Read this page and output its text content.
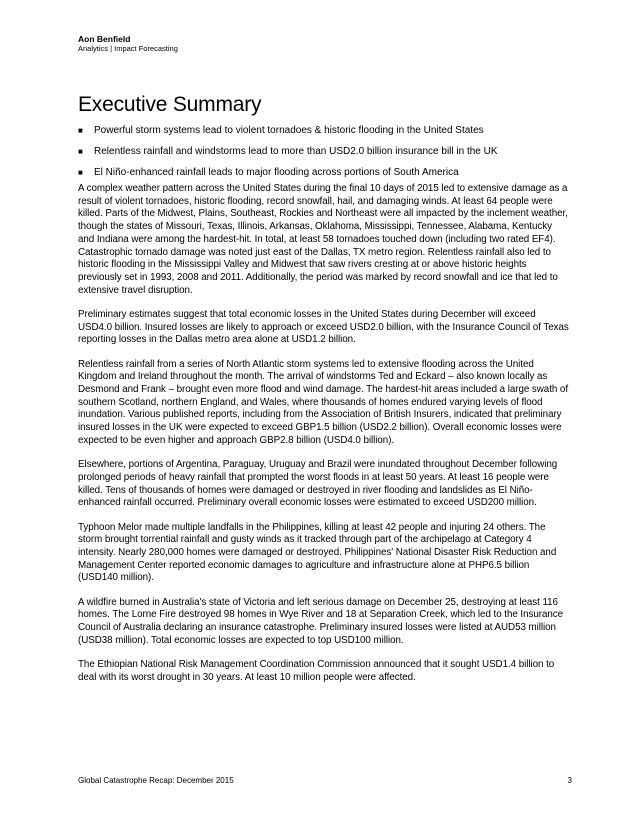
Aon Benfield
Analytics | Impact Forecasting
Executive Summary
■ Powerful storm systems lead to violent tornadoes & historic flooding in the United States
■ Relentless rainfall and windstorms lead to more than USD2.0 billion insurance bill in the UK
■ El Niño-enhanced rainfall leads to major flooding across portions of South America

A complex weather pattern across the United States during the final 10 days of 2015 led to extensive damage as a result of violent tornadoes, historic flooding, record snowfall, hail, and damaging winds. At least 64 people were killed. Parts of the Midwest, Plains, Southeast, Rockies and Northeast were all impacted by the inclement weather, though the states of Missouri, Texas, Illinois, Arkansas, Oklahoma, Mississippi, Tennessee, Alabama, Kentucky and Indiana were among the hardest-hit. In total, at least 58 tornadoes touched down (including two rated EF4). Catastrophic tornado damage was noted just east of the Dallas, TX metro region. Relentless rainfall also led to historic flooding in the Mississippi Valley and Midwest that saw rivers cresting at or above historic heights previously set in 1993, 2008 and 2011. Additionally, the period was marked by record snowfall and ice that led to extensive travel disruption.

Preliminary estimates suggest that total economic losses in the United States during December will exceed USD4.0 billion. Insured losses are likely to approach or exceed USD2.0 billion, with the Insurance Council of Texas reporting losses in the Dallas metro area alone at USD1.2 billion.

Relentless rainfall from a series of North Atlantic storm systems led to extensive flooding across the United Kingdom and Ireland throughout the month. The arrival of windstorms Ted and Eckard – also known locally as Desmond and Frank – brought even more flood and wind damage. The hardest-hit areas included a large swath of southern Scotland, northern England, and Wales, where thousands of homes endured varying levels of flood inundation. Various published reports, including from the Association of British Insurers, indicated that preliminary insured losses in the UK were expected to exceed GBP1.5 billion (USD2.2 billion). Overall economic losses were expected to be even higher and approach GBP2.8 billion (USD4.0 billion).

Elsewhere, portions of Argentina, Paraguay, Uruguay and Brazil were inundated throughout December following prolonged periods of heavy rainfall that prompted the worst floods in at least 50 years. At least 16 people were killed. Tens of thousands of homes were damaged or destroyed in river flooding and landslides as El Niño-enhanced rainfall occurred. Preliminary overall economic losses were estimated to exceed USD200 million.

Typhoon Melor made multiple landfalls in the Philippines, killing at least 42 people and injuring 24 others. The storm brought torrential rainfall and gusty winds as it tracked through part of the archipelago at Category 4 intensity. Nearly 280,000 homes were damaged or destroyed. Philippines' National Disaster Risk Reduction and Management Center reported economic damages to agriculture and infrastructure alone at PHP6.5 billion (USD140 million).

A wildfire burned in Australia's state of Victoria and left serious damage on December 25, destroying at least 116 homes. The Lorne Fire destroyed 98 homes in Wye River and 18 at Separation Creek, which led to the Insurance Council of Australia declaring an insurance catastrophe. Preliminary insured losses were listed at AUD53 million (USD38 million). Total economic losses are expected to top USD100 million.

The Ethiopian National Risk Management Coordination Commission announced that it sought USD1.4 billion to deal with its worst drought in 30 years. At least 10 million people were affected.

Global Catastrophe Recap: December 2015	3
